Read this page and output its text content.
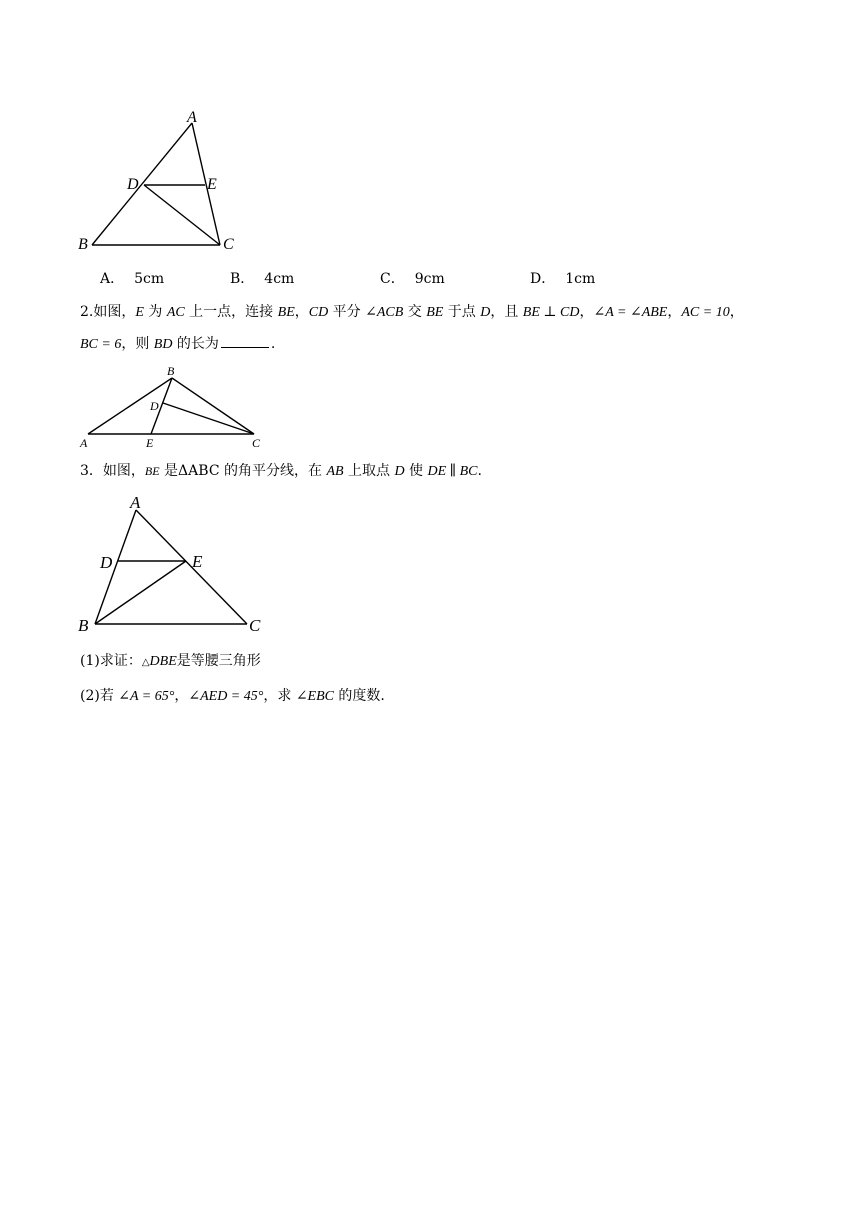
A
B	C
D	E
A． 5cm	B． 4cm	C． 9cm	D． 1cm
2.如图，E 为 AC 上一点，连接 BE，CD 平分 ∠ACB 交 BE 于点 D，且 BE ⊥ CD，∠A = ∠ABE，AC = 10，
BC = 6，则 BD 的长为	.
B
D
A	E	C
3．如图，BE 是ΔABC 的角平分线，在 AB 上取点 D 使 DE ∥ BC.
A
D	E
B	C
(1)求证：△DBE是等腰三角形
(2)若 ∠A = 65°，∠AED = 45°，求 ∠EBC 的度数.
